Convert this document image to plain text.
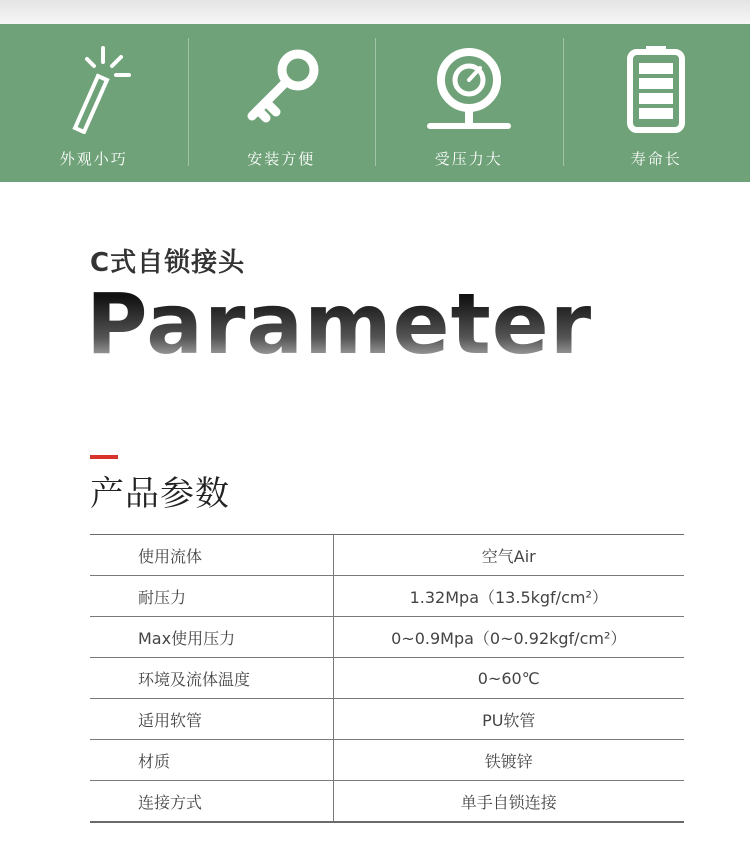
外观小巧	安装方便	受压力大	寿命长
C式自锁接头
Parameter
产品参数
使用流体	空气Air
耐压力	1.32Mpa（13.5kgf/cm²）
Max使用压力	0~0.9Mpa（0~0.92kgf/cm²）
环境及流体温度	0~60℃
适用软管	PU软管
材质	铁镀锌
连接方式	单手自锁连接
